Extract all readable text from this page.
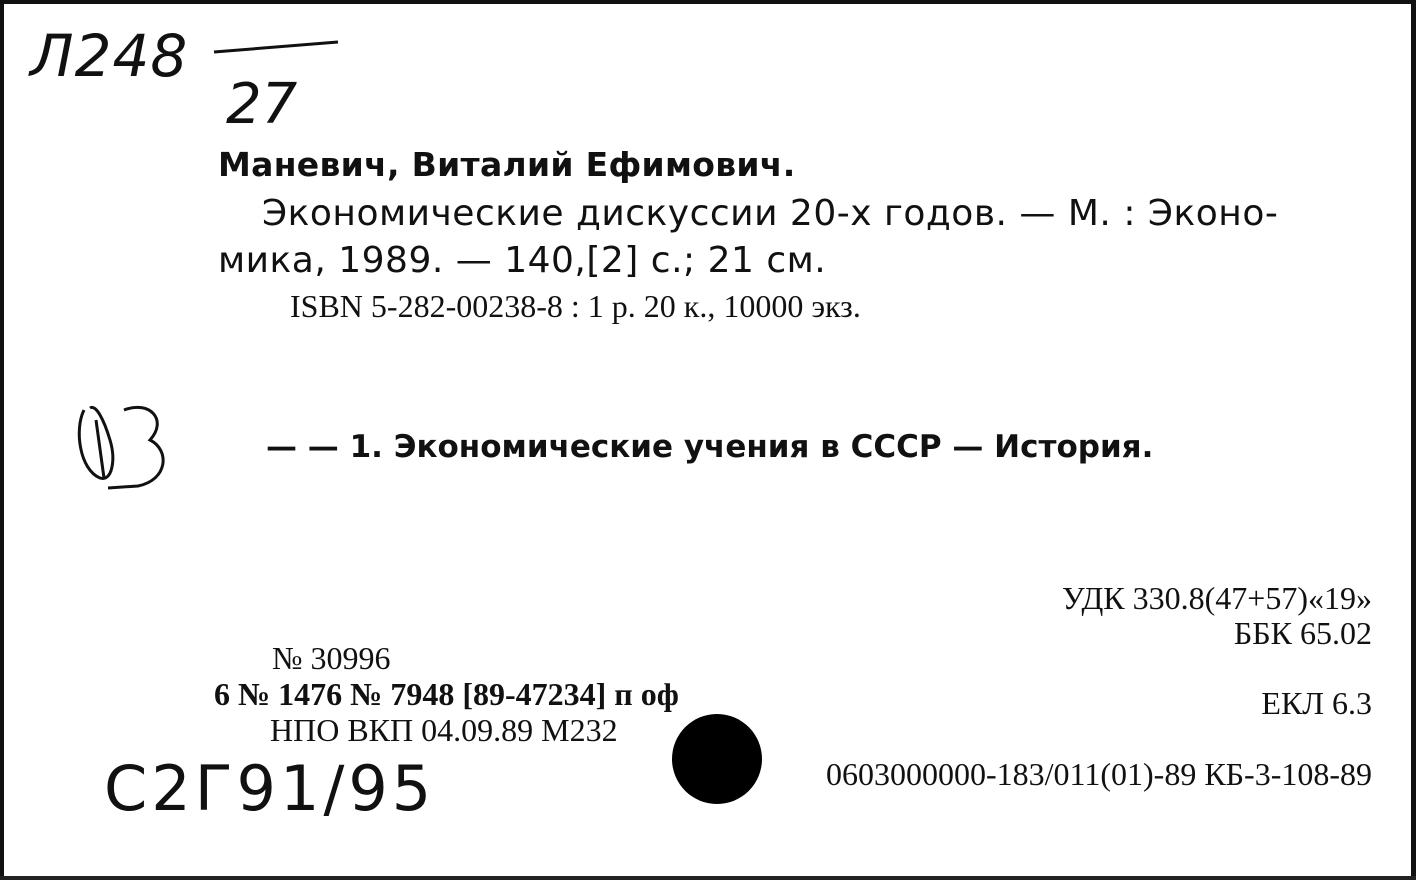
Л248
27
С2Г91/95
Маневич, Виталий Ефимович.
Экономические дискуссии 20-х годов. — М. : Эконо-
мика, 1989. — 140,[2] с.; 21 см.
ISBN 5-282-00238-8 : 1 р. 20 к., 10000 экз.
— — 1. Экономические учения в СССР — История.
УДК 330.8(47+57)«19»
ББК 65.02
ЕКЛ 6.3
№ 30996
6 № 1476 № 7948 [89-47234] п оф
НПО ВКП 04.09.89 М232
0603000000-183/011(01)-89 КБ-3-108-89
